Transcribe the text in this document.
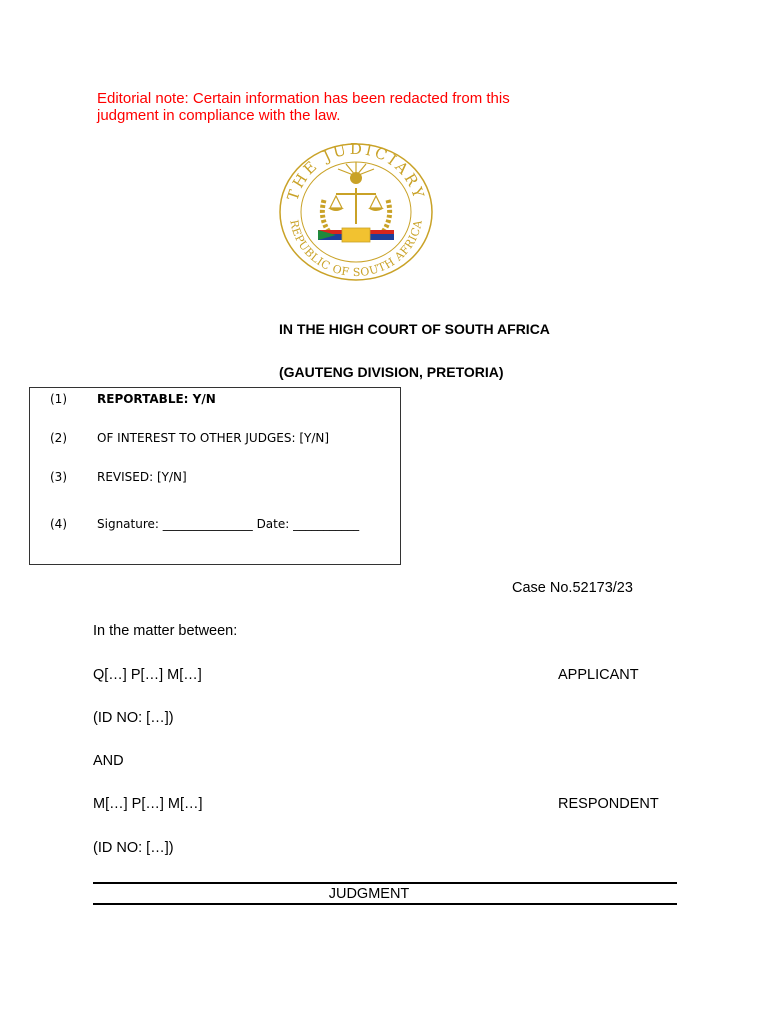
Editorial note: Certain information has been redacted from this
judgment in compliance with the law.
THE JUDICIARY
REPUBLIC OF SOUTH AFRICA
IN THE HIGH COURT OF SOUTH AFRICA
(GAUTENG DIVISION, PRETORIA)
(1)	REPORTABLE: Y/N
(2)	OF INTEREST TO OTHER JUDGES: [Y/N]
(3)	REVISED: [Y/N]
(4)	Signature: _______________ Date: ___________
Case No.52173/23
In the matter between:
Q[…] P[…] M[…]	APPLICANT
(ID NO: […])
AND
M[…] P[…] M[…]	RESPONDENT
(ID NO: […])
JUDGMENT
